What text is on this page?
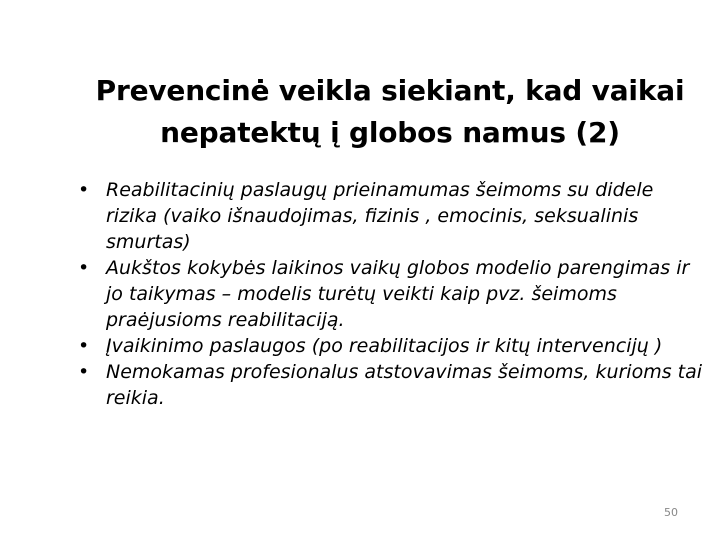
Prevencinė veikla siekiant, kad vaikai
nepatektų į globos namus (2)
• Reabilitacinių paslaugų prieinamumas šeimoms su didele rizika (vaiko išnaudojimas, fizinis , emocinis, seksualinis smurtas)
• Aukštos kokybės laikinos vaikų globos modelio parengimas ir jo taikymas – modelis turėtų veikti kaip pvz. šeimoms praėjusioms reabilitaciją.
• Įvaikinimo paslaugos (po reabilitacijos ir kitų intervencijų )
• Nemokamas profesionalus atstovavimas šeimoms, kurioms tai reikia.
50
